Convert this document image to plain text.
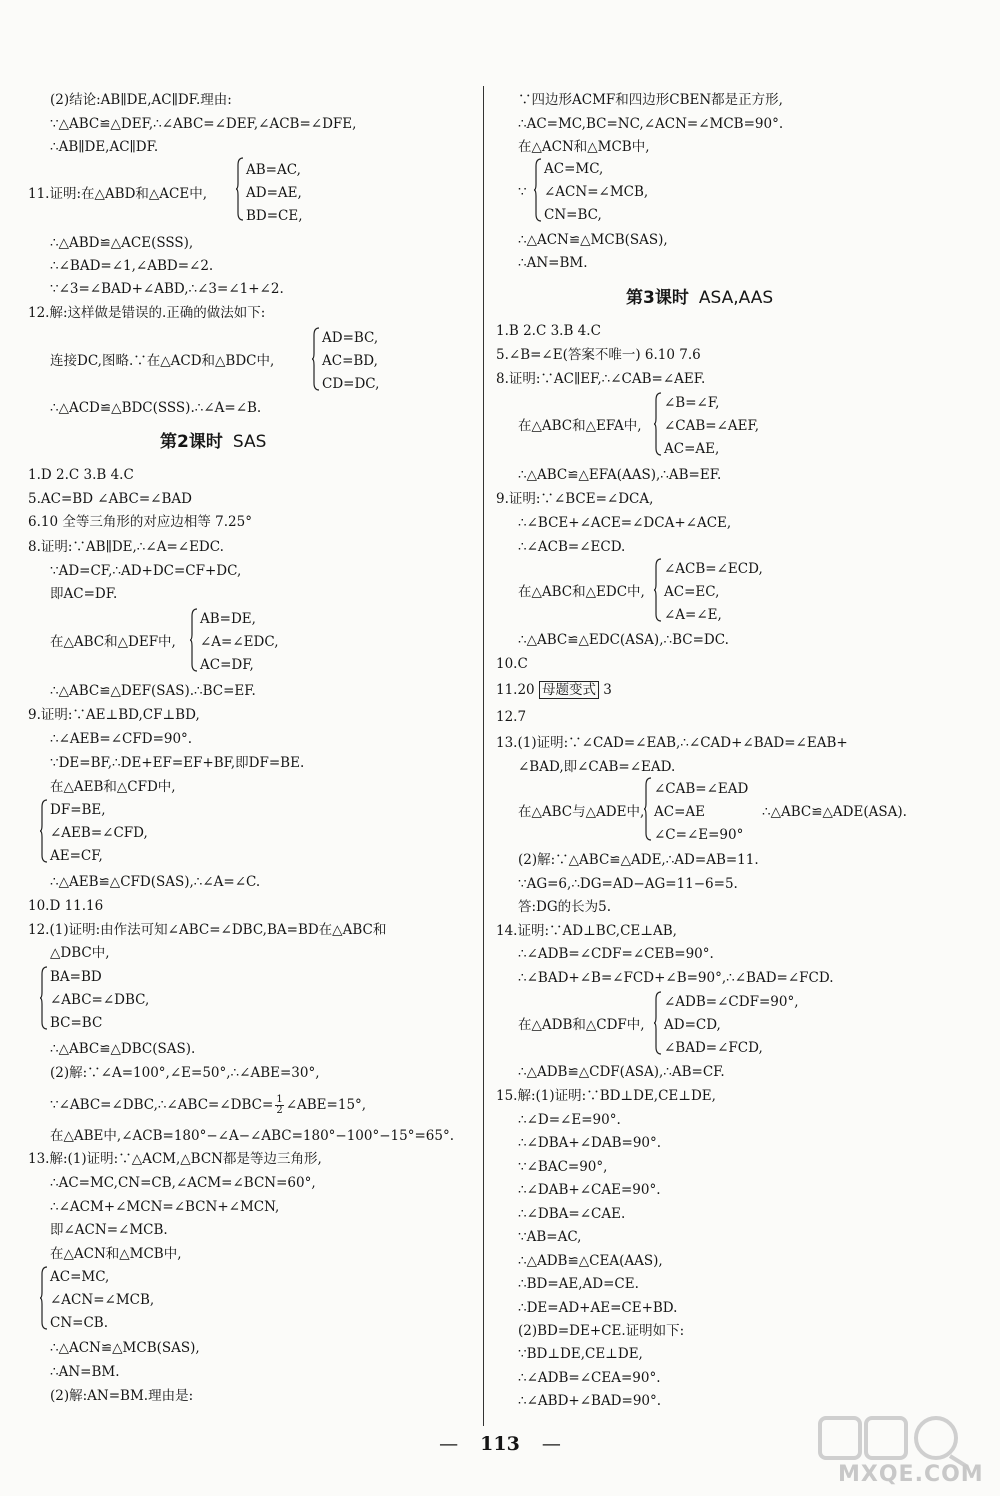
(2)结论:AB∥DE,AC∥DF.理由:
∵△ABC≌△DEF,∴∠ABC=∠DEF,∠ACB=∠DFE,
∴AB∥DE,AC∥DF.
11.证明:在△ABD和△ACE中,
AB=AC,
AD=AE,
BD=CE,
∴△ABD≌△ACE(SSS),
∴∠BAD=∠1,∠ABD=∠2.
∵∠3=∠BAD+∠ABD,∴∠3=∠1+∠2.
12.解:这样做是错误的.正确的做法如下:
AD=BC,
连接DC,图略.∵在△ACD和△BDC中,	AC=BD,
CD=DC,
∴△ACD≌△BDC(SSS).∴∠A=∠B.
第2课时 SAS
1.D 2.C 3.B 4.C
5.AC=BD ∠ABC=∠BAD
6.10 全等三角形的对应边相等 7.25°
8.证明:∵AB∥DE,∴∠A=∠EDC.
∵AD=CF,∴AD+DC=CF+DC,
即AC=DF.
AB=DE,
在△ABC和△DEF中, ∠A=∠EDC,
AC=DF,
∴△ABC≌△DEF(SAS).∴BC=EF.
9.证明:∵AE⊥BD,CF⊥BD,
∴∠AEB=∠CFD=90°.
∵DE=BF,∴DE+EF=EF+BF,即DF=BE.
在△AEB和△CFD中,
DF=BE,
∠AEB=∠CFD,
AE=CF,
∴△AEB≌△CFD(SAS),∴∠A=∠C.
10.D 11.16
12.(1)证明:由作法可知∠ABC=∠DBC,BA=BD在△ABC和
△DBC中,
BA=BD
∠ABC=∠DBC,
BC=BC
∴△ABC≌△DBC(SAS).
(2)解:∵∠A=100°,∠E=50°,∴∠ABE=30°,
∵∠ABC=∠DBC,∴∠ABC=∠DBC= $\frac{1}{2}$ ∠ABE=15°,
在△ABE中,∠ACB=180°−∠A−∠ABC=180°−100°−15°=65°.
13.解:(1)证明:∵△ACM,△BCN都是等边三角形,
∴AC=MC,CN=CB,∠ACM=∠BCN=60°,
∴∠ACM+∠MCN=∠BCN+∠MCN,
即∠ACN=∠MCB.
在△ACN和△MCB中,
AC=MC,
∠ACN=∠MCB,
CN=CB.
∴△ACN≌△MCB(SAS),
∴AN=BM.
(2)解:AN=BM.理由是:
∵四边形ACMF和四边形CBEN都是正方形,
∴AC=MC,BC=NC,∠ACN=∠MCB=90°.
在△ACN和△MCB中,
AC=MC,
∵ ∠ACN=∠MCB,
CN=BC,
∴△ACN≌△MCB(SAS),
∴AN=BM.
第3课时 ASA,AAS
1.B 2.C 3.B 4.C
5.∠B=∠E(答案不唯一) 6.10 7.6
8.证明:∵AC∥EF,∴∠CAB=∠AEF.
∠B=∠F,
在△ABC和△EFA中, ∠CAB=∠AEF,
AC=AE,
∴△ABC≌△EFA(AAS),∴AB=EF.
9.证明:∵∠BCE=∠DCA,
∴∠BCE+∠ACE=∠DCA+∠ACE,
∴∠ACB=∠ECD.
∠ACB=∠ECD,
在△ABC和△EDC中, AC=EC,
∠A=∠E,
∴△ABC≌△EDC(ASA),∴BC=DC.
10.C
11.20 母题变式 3
12.7
13.(1)证明:∵∠CAD=∠EAB,∴∠CAD+∠BAD=∠EAB+
∠BAD,即∠CAB=∠EAD.
∠CAB=∠EAD
在△ABC与△ADE中, AC=AE	∴△ABC≌△ADE(ASA).
∠C=∠E=90°
(2)解:∵△ABC≌△ADE,∴AD=AB=11.
∵AG=6,∴DG=AD−AG=11−6=5.
答:DG的长为5.
14.证明:∵AD⊥BC,CE⊥AB,
∴∠ADB=∠CDF=∠CEB=90°.
∴∠BAD+∠B=∠FCD+∠B=90°,∴∠BAD=∠FCD.
∠ADB=∠CDF=90°,
在△ADB和△CDF中, AD=CD,
∠BAD=∠FCD,
∴△ADB≌△CDF(ASA),∴AB=CF.
15.解:(1)证明:∵BD⊥DE,CE⊥DE,
∴∠D=∠E=90°.
∴∠DBA+∠DAB=90°.
∵∠BAC=90°,
∴∠DAB+∠CAE=90°.
∴∠DBA=∠CAE.
∵AB=AC,
∴△ADB≌△CEA(AAS),
∴BD=AE,AD=CE.
∴DE=AD+AE=CE+BD.
(2)BD=DE+CE.证明如下:
∵BD⊥DE,CE⊥DE,
∴∠ADB=∠CEA=90°.
∴∠ABD+∠BAD=90°.
— 113 —
MXQE.COM
